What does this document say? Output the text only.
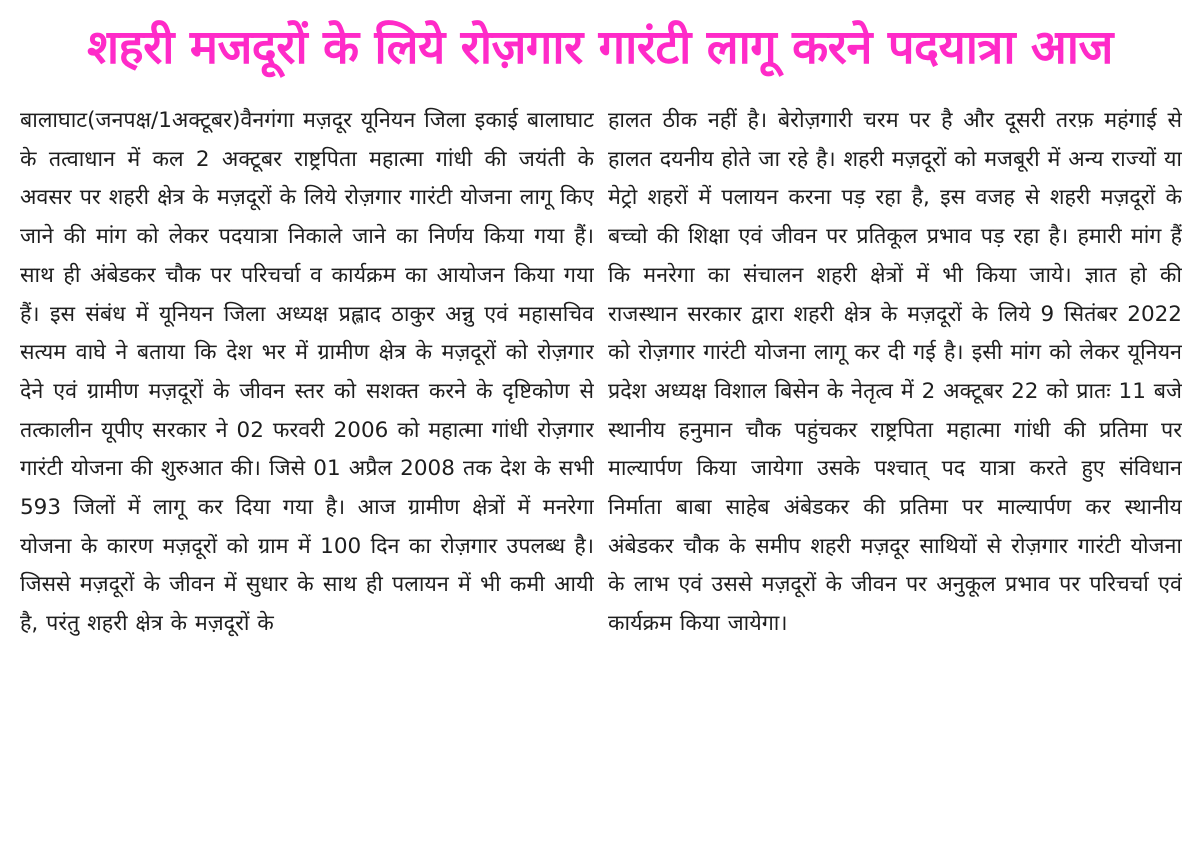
शहरी मजदूरों के लिये रोज़गार गारंटी लागू करने पदयात्रा आज

बालाघाट(जनपक्ष/1अक्टूबर)वैनगंगा मज़दूर यूनियन जिला इकाई बालाघाट के तत्वाधान में कल 2 अक्टूबर राष्ट्रपिता महात्मा गांधी की जयंती के अवसर पर शहरी क्षेत्र के मज़दूरों के लिये रोज़गार गारंटी योजना लागू किए जाने की मांग को लेकर पदयात्रा निकाले जाने का निर्णय किया गया हैं। साथ ही अंबेडकर चौक पर परिचर्चा व कार्यक्रम का आयोजन किया गया हैं। इस संबंध में यूनियन जिला अध्यक्ष प्रह्लाद ठाकुर अन्नु एवं महासचिव सत्यम वाघे ने बताया कि देश भर में ग्रामीण क्षेत्र के मज़दूरों को रोज़गार देने एवं ग्रामीण मज़दूरों के जीवन स्तर को सशक्त करने के दृष्टिकोण से तत्कालीन यूपीए सरकार ने 02 फरवरी 2006 को महात्मा गांधी रोज़गार गारंटी योजना की शुरुआत की। जिसे 01 अप्रैल 2008 तक देश के सभी 593 जिलों में लागू कर दिया गया है। आज ग्रामीण क्षेत्रों में मनरेगा योजना के कारण मज़दूरों को ग्राम में 100 दिन का रोज़गार उपलब्ध है। जिससे मज़दूरों के जीवन में सुधार के साथ ही पलायन में भी कमी आयी है, परंतु शहरी क्षेत्र के मज़दूरों के

हालत ठीक नहीं है। बेरोज़गारी चरम पर है और दूसरी तरफ़ महंगाई से हालत दयनीय होते जा रहे है। शहरी मज़दूरों को मजबूरी में अन्य राज्यों या मेट्रो शहरों में पलायन करना पड़ रहा है, इस वजह से शहरी मज़दूरों के बच्चो की शिक्षा एवं जीवन पर प्रतिकूल प्रभाव पड़ रहा है। हमारी मांग हैं कि मनरेगा का संचालन शहरी क्षेत्रों में भी किया जाये। ज्ञात हो की राजस्थान सरकार द्वारा शहरी क्षेत्र के मज़दूरों के लिये 9 सितंबर 2022 को रोज़गार गारंटी योजना लागू कर दी गई है। इसी मांग को लेकर यूनियन प्रदेश अध्यक्ष विशाल बिसेन के नेतृत्व में 2 अक्टूबर 22 को प्रातः 11 बजे स्थानीय हनुमान चौक पहुंचकर राष्ट्रपिता महात्मा गांधी की प्रतिमा पर माल्यार्पण किया जायेगा उसके पश्चात् पद यात्रा करते हुए संविधान निर्माता बाबा साहेब अंबेडकर की प्रतिमा पर माल्यार्पण कर स्थानीय अंबेडकर चौक के समीप शहरी मज़दूर साथियों से रोज़गार गारंटी योजना के लाभ एवं उससे मज़दूरों के जीवन पर अनुकूल प्रभाव पर परिचर्चा एवं कार्यक्रम किया जायेगा।
